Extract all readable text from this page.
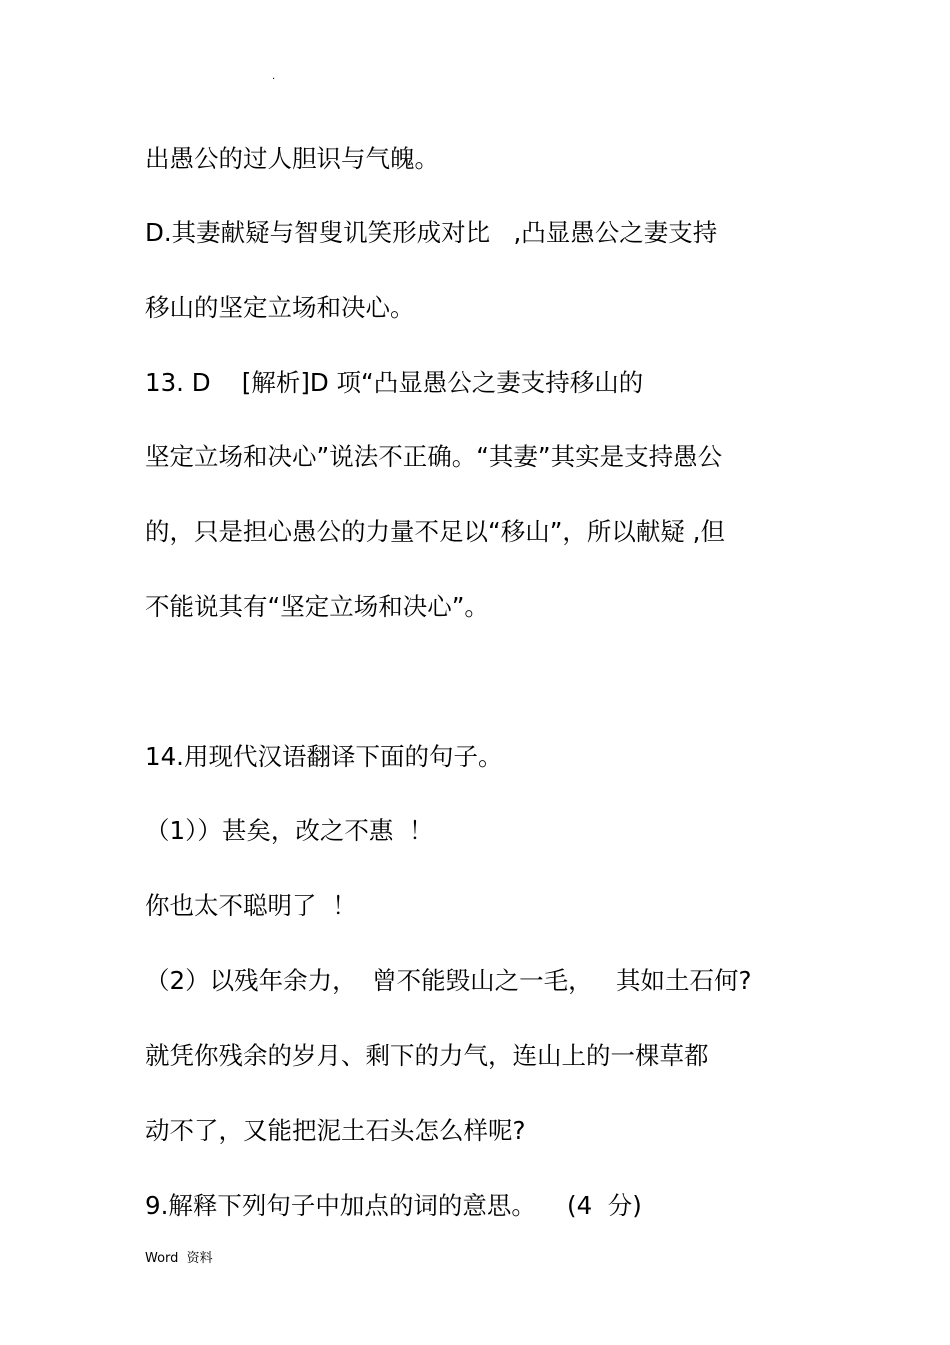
.
出愚公的过人胆识与气魄。
D.其妻献疑与智叟讥笑形成对比   ,凸显愚公之妻支持
移山的坚定立场和决心。
13. D    [解析]D 项“凸显愚公之妻支持移山的
坚定立场和决心”说法不正确。“其妻”其实是支持愚公
的，只是担心愚公的力量不足以“移山”，所以献疑 ,但
不能说其有“坚定立场和决心”。
14.用现代汉语翻译下面的句子。
（1））甚矣，改之不惠  ！
你也太不聪明了  ！
（2）以残年余力，  曾不能毁山之一毛，   其如土石何?
就凭你残余的岁月、剩下的力气，连山上的一棵草都
动不了，又能把泥土石头怎么样呢?
9.解释下列句子中加点的词的意思。    (4  分)
Word  资料
